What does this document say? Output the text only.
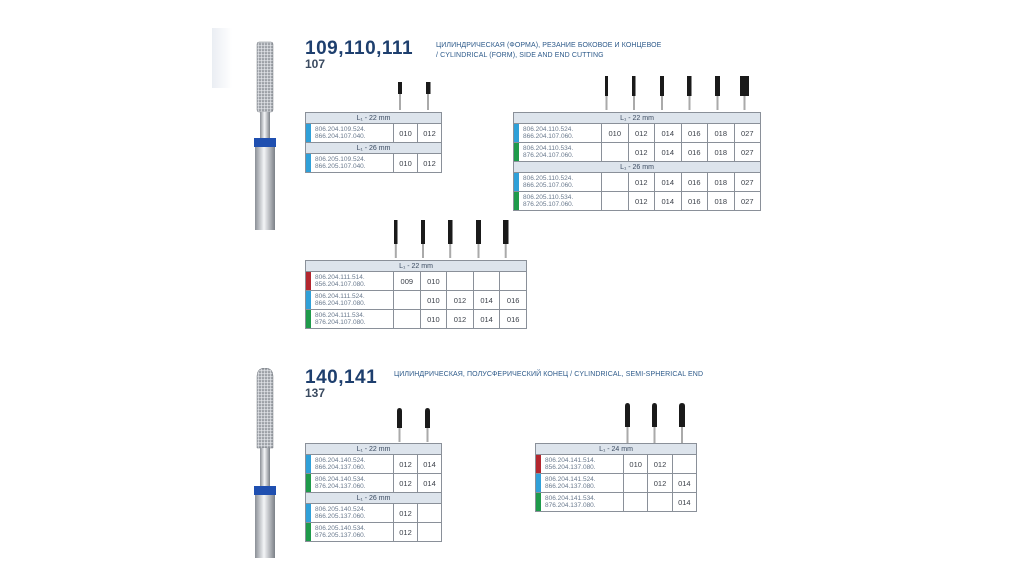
109,110,111
107
ЦИЛИНДРИЧЕСКАЯ (ФОРМА), РЕЗАНИЕ БОКОВОЕ И КОНЦЕВОЕ
/ CYLINDRICAL (FORM), SIDE AND END CUTTING
L₁ - 22 mm		

806.204.109.524.
866.204.107.040.	010	012
L₁ - 26 mm		

806.205.109.524.
866.205.107.040.	010	012
L₁ - 22 mm						

806.204.110.524.
866.204.107.060.	010	012	014	016	018	027

806.204.110.534.
876.204.107.060.		012	014	016	018	027
L₁ - 26 mm						

806.205.110.524.
866.205.107.060.		012	014	016	018	027

806.205.110.534.
876.205.107.060.		012	014	016	018	027
L₁ - 22 mm					

806.204.111.514.
856.204.107.080.	009	010			

806.204.111.524.
866.204.107.080.		010	012	014	016

806.204.111.534.
876.204.107.080.		010	012	014	016
140,141
137
ЦИЛИНДРИЧЕСКАЯ, ПОЛУСФЕРИЧЕСКИЙ КОНЕЦ / CYLINDRICAL, SEMI-SPHERICAL END
L₁ - 22 mm		

806.204.140.524.
866.204.137.060.	012	014

806.204.140.534.
876.204.137.060.	012	014
L₁ - 26 mm		

806.205.140.524.
866.205.137.060.	012	

806.205.140.534.
876.205.137.060.	012	
L₁ - 24 mm			

806.204.141.514.
856.204.137.080.	010	012	

806.204.141.524.
866.204.137.080.		012	014

806.204.141.534.
876.204.137.080.			014
